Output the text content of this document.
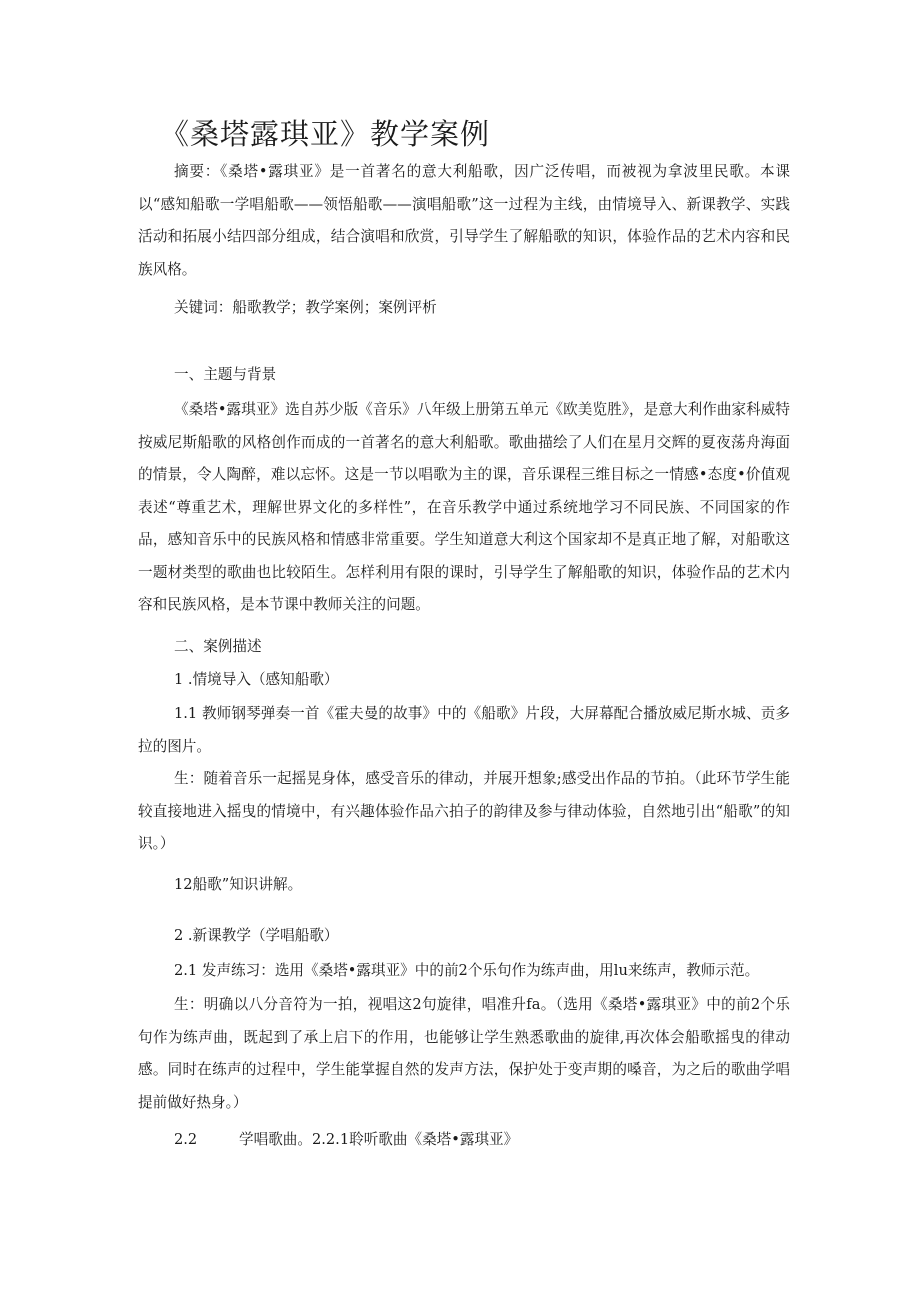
《桑塔露琪亚》教学案例

摘要：《桑塔•露琪亚》是一首著名的意大利船歌，因广泛传唱，而被视为拿波里民歌。本课以“感知船歌一学唱船歌——领悟船歌——演唱船歌”这一过程为主线，由情境导入、新课教学、实践活动和拓展小结四部分组成，结合演唱和欣赏，引导学生了解船歌的知识，体验作品的艺术内容和民族风格。

关键词：船歌教学；教学案例；案例评析

一、主题与背景

《桑塔•露琪亚》选自苏少版《音乐》八年级上册第五单元《欧美览胜》，是意大利作曲家科威特按威尼斯船歌的风格创作而成的一首著名的意大利船歌。歌曲描绘了人们在星月交辉的夏夜荡舟海面的情景，令人陶醉，难以忘怀。这是一节以唱歌为主的课，音乐课程三维目标之一情感•态度•价值观表述“尊重艺术，理解世界文化的多样性”，在音乐教学中通过系统地学习不同民族、不同国家的作品，感知音乐中的民族风格和情感非常重要。学生知道意大利这个国家却不是真正地了解，对船歌这一题材类型的歌曲也比较陌生。怎样利用有限的课时，引导学生了解船歌的知识，体验作品的艺术内容和民族风格，是本节课中教师关注的问题。

二、案例描述

1 .情境导入（感知船歌）

1.1 教师钢琴弹奏一首《霍夫曼的故事》中的《船歌》片段，大屏幕配合播放威尼斯水城、贡多拉的图片。

生：随着音乐一起摇晃身体，感受音乐的律动，并展开想象;感受出作品的节拍。（此环节学生能较直接地进入摇曳的情境中，有兴趣体验作品六拍子的韵律及参与律动体验，自然地引出“船歌”的知识。）

12船歌”知识讲解。

2 .新课教学（学唱船歌）

2.1 发声练习：选用《桑塔•露琪亚》中的前2个乐句作为练声曲，用lu来练声，教师示范。

生：明确以八分音符为一拍，视唱这2句旋律，唱准升fa。（选用《桑塔•露琪亚》中的前2个乐句作为练声曲，既起到了承上启下的作用，也能够让学生熟悉歌曲的旋律,再次体会船歌摇曳的律动感。同时在练声的过程中，学生能掌握自然的发声方法，保护处于变声期的嗓音，为之后的歌曲学唱提前做好热身。）

2.2	学唱歌曲。2.2.1聆听歌曲《桑塔•露琪亚》
